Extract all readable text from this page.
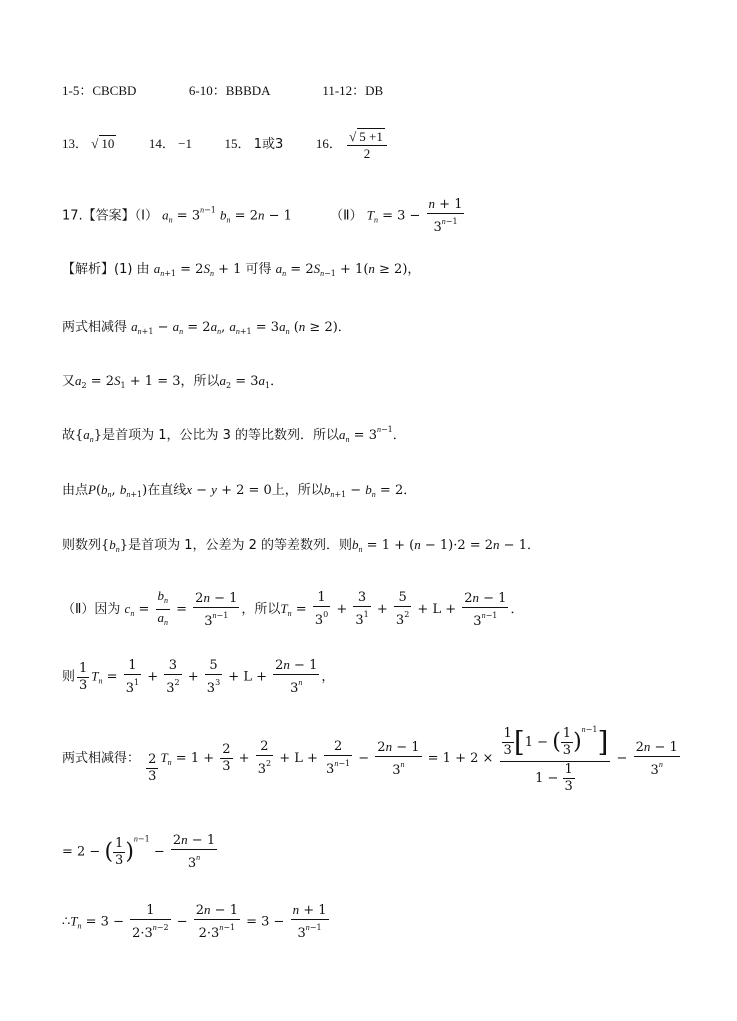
1-5：CBCBD	6-10：BBBDA	11-12：DB
13． √ 10	14． −1	15． 1或3	16． $\frac{√ 5 +1}{2}$
17.【答案】（Ⅰ） $a_n = 3^{n-1}$ $b_n = 2n - 1$	（Ⅱ） $T_n = 3 - \frac{n + 1}{3^{n-1}}$
【解析】(1) 由 $a_{n+1} = 2S_n + 1$ 可得 $a_n = 2S_{n-1} + 1(n \ge 2)$，
两式相减得 $a_{n+1} - a_n = 2a_n$, $a_{n+1} = 3a_n$ (n ≥ 2)．
又$a_2 = 2S_1 + 1 = 3$，所以$a_2 = 3a_1$．
故$\{a_n\}$是首项为 1，公比为 3 的等比数列．所以$a_n = 3^{n-1}$．
由点$P(b_n$, $b_{n+1}$)在直线x − y + 2 = 0上，所以$b_{n+1} - b_n = 2$．
则数列$\{b_n\}$是首项为 1，公差为 2 的等差数列．则$b_n = 1 + (n - 1)\cdot 2 = 2n - 1$．
（Ⅱ）因为 $c_n = \frac{b_n}{a_n} = \frac{2n - 1}{3^{n-1}}$ ，所以$T_n = \frac{1}{3^0} + \frac{3}{3^1} + \frac{5}{3^2} + L + \frac{2n - 1}{3^{n-1}}$ ．
则 $\frac{1}{3} T_n = \frac{1}{3^1} + \frac{3}{3^2} + \frac{5}{3^3} + L + \frac{2n - 1}{3^n}$ ，
两式相减得： $\frac{2}{3} T_n = 1 + \frac{2}{3} + \frac{2}{3^2} + L + \frac{2}{3^{n-1}} - \frac{2n - 1}{3^n} = 1 + 2 \times \frac{\frac{1}{3} [1 - ( \frac{1}{3} )^{n-1}]}{1 - \frac{1}{3}} - \frac{2n - 1}{3^n}$
= 2 − ( $\frac{1}{3} )^{n-1} - \frac{2n - 1}{3^n}$
$\therefore T_n = 3 - \frac{1}{2\cdot 3^{n-2}} - \frac{2n - 1}{2\cdot 3^{n-1}} = 3 - \frac{n + 1}{3^{n-1}}$
